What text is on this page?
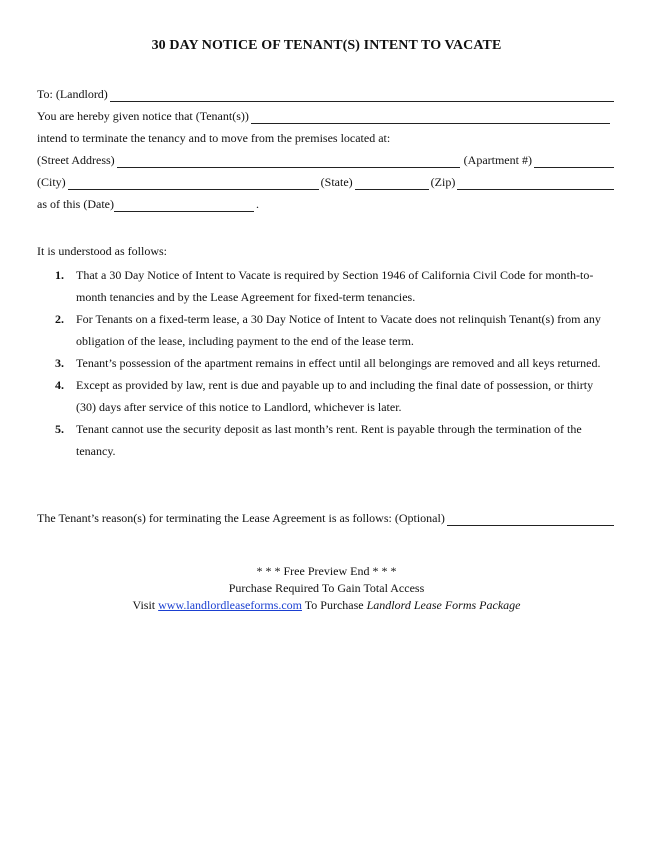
30 DAY NOTICE OF TENANT(S) INTENT TO VACATE
To: (Landlord)
You are hereby given notice that (Tenant(s))
intend to terminate the tenancy and to move from the premises located at:
(Street Address)	(Apartment #)
(City)	(State)	(Zip)
as of this (Date)	.
It is understood as follows:
1.	That a 30 Day Notice of Intent to Vacate is required by Section 1946 of California Civil Code for month-to-month tenancies and by the Lease Agreement for fixed-term tenancies.
2.	For Tenants on a fixed-term lease, a 30 Day Notice of Intent to Vacate does not relinquish Tenant(s) from any obligation of the lease, including payment to the end of the lease term.
3.	Tenant’s possession of the apartment remains in effect until all belongings are removed and all keys returned.
4.	Except as provided by law, rent is due and payable up to and including the final date of possession, or thirty (30) days after service of this notice to Landlord, whichever is later.
5.	Tenant cannot use the security deposit as last month’s rent. Rent is payable through the termination of the tenancy.
The Tenant’s reason(s) for terminating the Lease Agreement is as follows: (Optional)
* * * Free Preview End * * *
Purchase Required To Gain Total Access
Visit www.landlordleaseforms.com To Purchase Landlord Lease Forms Package
